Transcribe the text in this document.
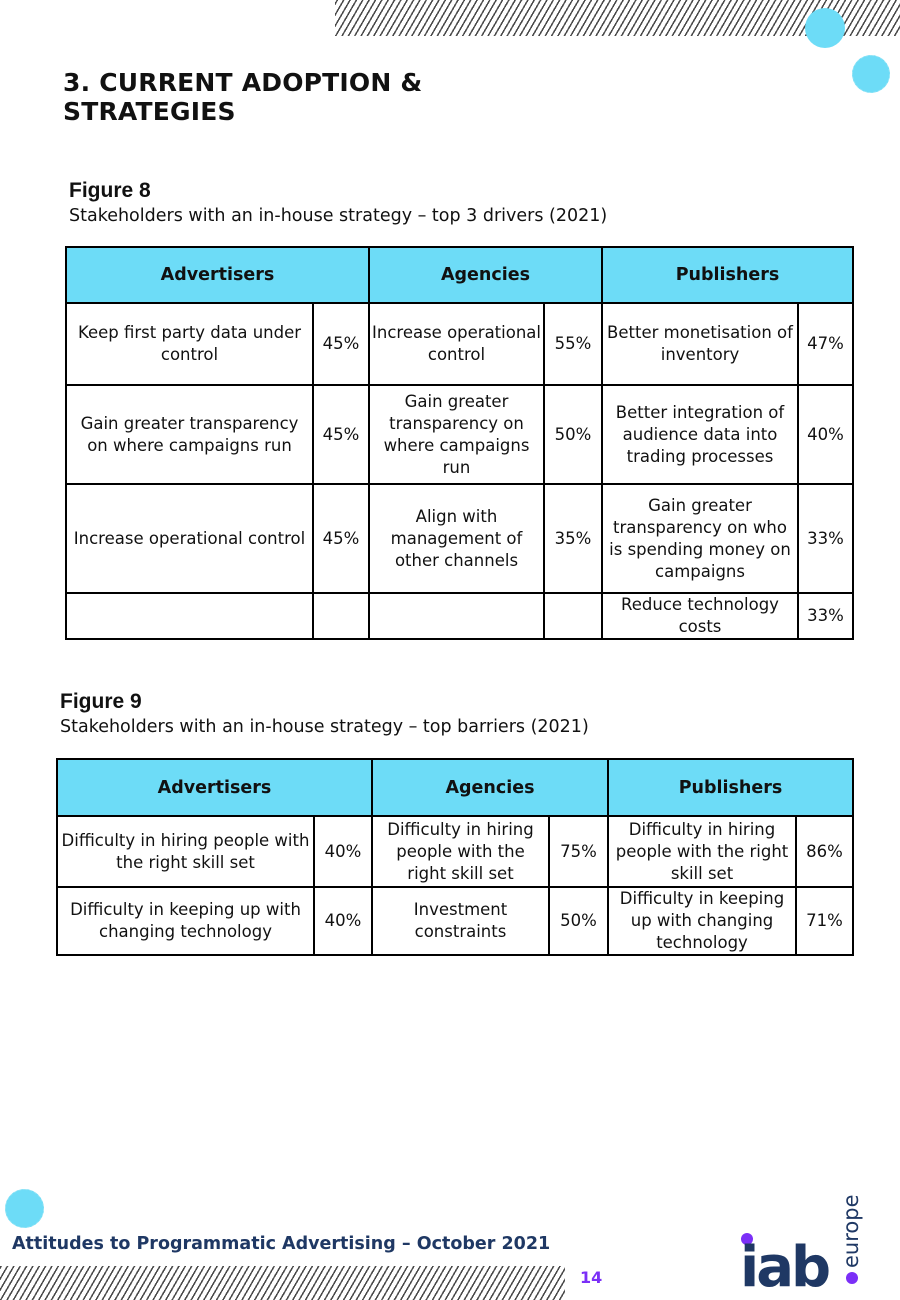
3. CURRENT ADOPTION & STRATEGIES
Figure 8
Stakeholders with an in-house strategy – top 3 drivers (2021)
Advertisers		Agencies		Publishers	
Keep first party data under control	45%	Increase operational control	55%	Better monetisation of inventory	47%
Gain greater transparency on where campaigns run	45%	Gain greater transparency on where campaigns run	50%	Better integration of audience data into trading processes	40%
Increase operational control	45%	Align with management of other channels	35%	Gain greater transparency on who is spending money on campaigns	33%
				Reduce technology costs	33%
Figure 9
Stakeholders with an in-house strategy – top barriers (2021)
Advertisers		Agencies		Publishers	
Difficulty in hiring people with the right skill set	40%	Difficulty in hiring people with the right skill set	75%	Difficulty in hiring people with the right skill set	86%
Difficulty in keeping up with changing technology	40%	Investment constraints	50%	Difficulty in keeping up with changing technology	71%
Attitudes to Programmatic Advertising – October 2021
14 iab europe
